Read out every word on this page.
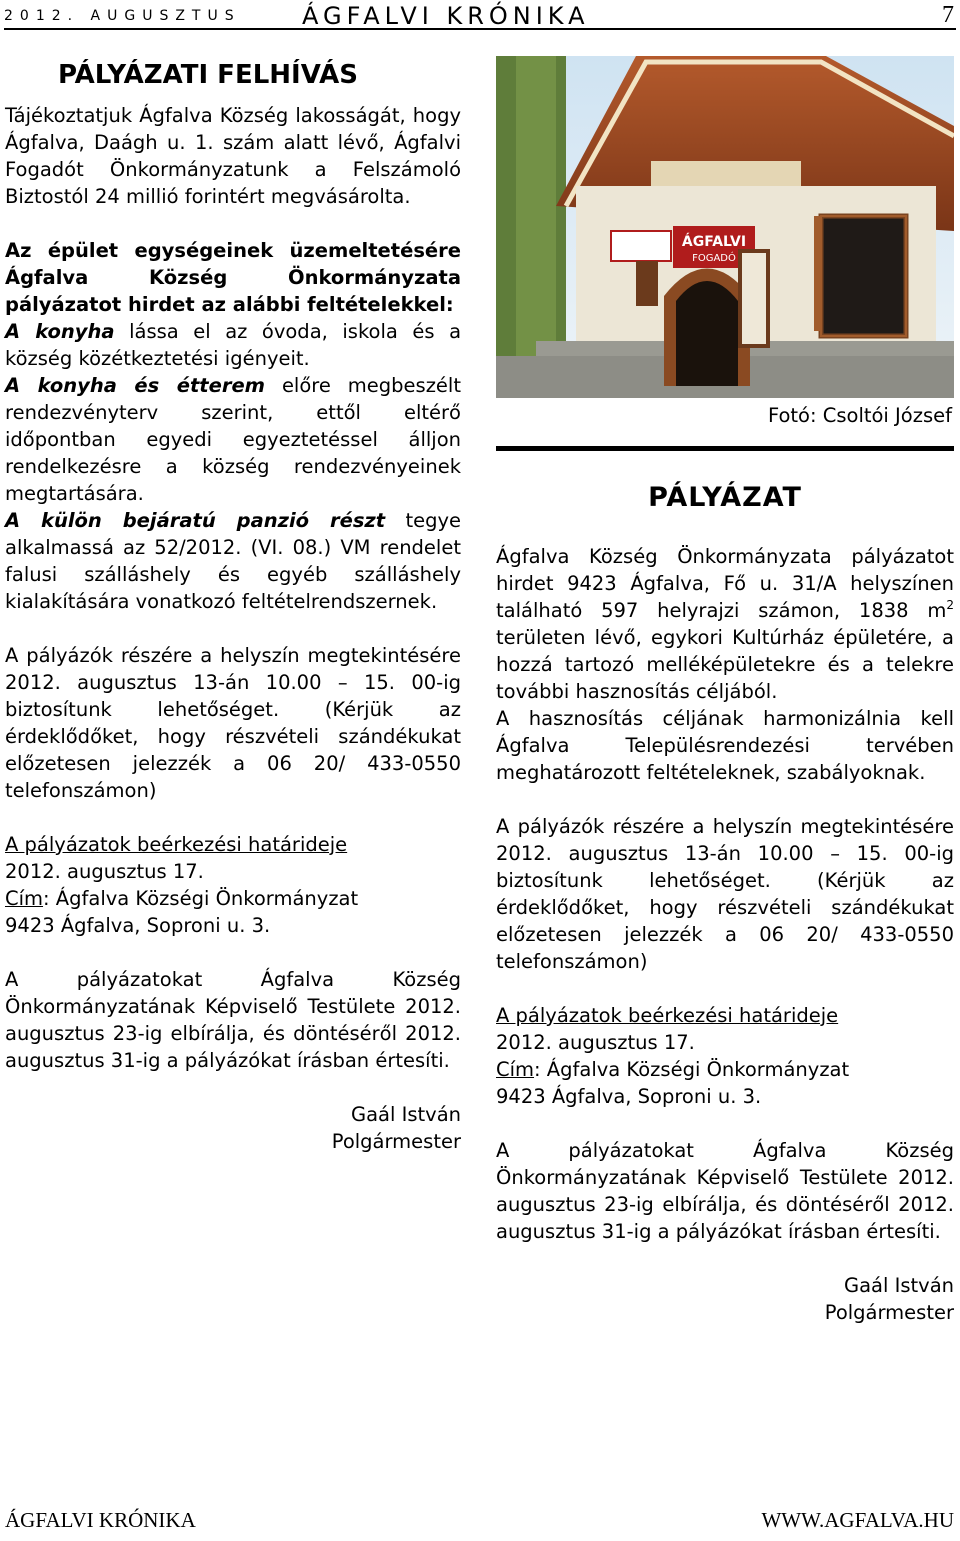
2012. AUGUSZTUS	ÁGFALVI KRÓNIKA	7

PÁLYÁZATI FELHÍVÁS

Tájékoztatjuk Ágfalva Község lakosságát, hogy Ágfalva, Daágh u. 1. szám alatt lévő, Ágfalvi Fogadót Önkormányzatunk a Felszámoló Biztostól 24 millió forintért megvásárolta.

Az épület egységeinek üzemeltetésére Ágfalva Község Önkormányzata pályázatot hirdet az alábbi feltételekkel:

A konyha lássa el az óvoda, iskola és a község közétkeztetési igényeit.

A konyha és étterem előre megbeszélt rendezvényterv szerint, ettől eltérő időpontban egyedi egyeztetéssel álljon rendelkezésre a község rendezvényeinek megtartására.

A külön bejáratú panzió részt tegye alkalmassá az 52/2012. (VI. 08.) VM rendelet falusi szálláshely és egyéb szálláshely kialakítására vonatkozó feltételrendszernek.

A pályázók részére a helyszín megtekintésére 2012. augusztus 13-án 10.00 – 15. 00-ig biztosítunk lehetőséget. (Kérjük az érdeklődőket, hogy részvételi szándékukat előzetesen jelezzék a 06 20/ 433-0550 telefonszámon)

A pályázatok beérkezési határideje

2012. augusztus 17.

Cím: Ágfalva Községi Önkormányzat

9423 Ágfalva, Soproni u. 3.

A pályázatokat Ágfalva Község Önkormányzatának Képviselő Testülete 2012. augusztus 23-ig elbírálja, és döntéséről 2012. augusztus 31-ig a pályázókat írásban értesíti.

Gaál István

Polgármester

ÁGFALVI
FOGADÓ
Fotó: Csoltói József
PÁLYÁZAT

Ágfalva Község Önkormányzata pályázatot hirdet 9423 Ágfalva, Fő u. 31/A helyszínen található 597 helyrajzi számon, 1838 $m^2$ területen lévő, egykori Kultúrház épületére, a hozzá tartozó melléképületekre és a telekre további hasznosítás céljából.

A hasznosítás céljának harmonizálnia kell Ágfalva Településrendezési tervében meghatározott feltételeknek, szabályoknak.

A pályázók részére a helyszín megtekintésére 2012. augusztus 13-án 10.00 – 15. 00-ig biztosítunk lehetőséget. (Kérjük az érdeklődőket, hogy részvételi szándékukat előzetesen jelezzék a 06 20/ 433-0550 telefonszámon)

A pályázatok beérkezési határideje

2012. augusztus 17.

Cím: Ágfalva Községi Önkormányzat

9423 Ágfalva, Soproni u. 3.

A pályázatokat Ágfalva Község Önkormányzatának Képviselő Testülete 2012. augusztus 23-ig elbírálja, és döntéséről 2012. augusztus 31-ig a pályázókat írásban értesíti.

Gaál István

Polgármester

ÁGFALVI KRÓNIKA	WWW.AGFALVA.HU
